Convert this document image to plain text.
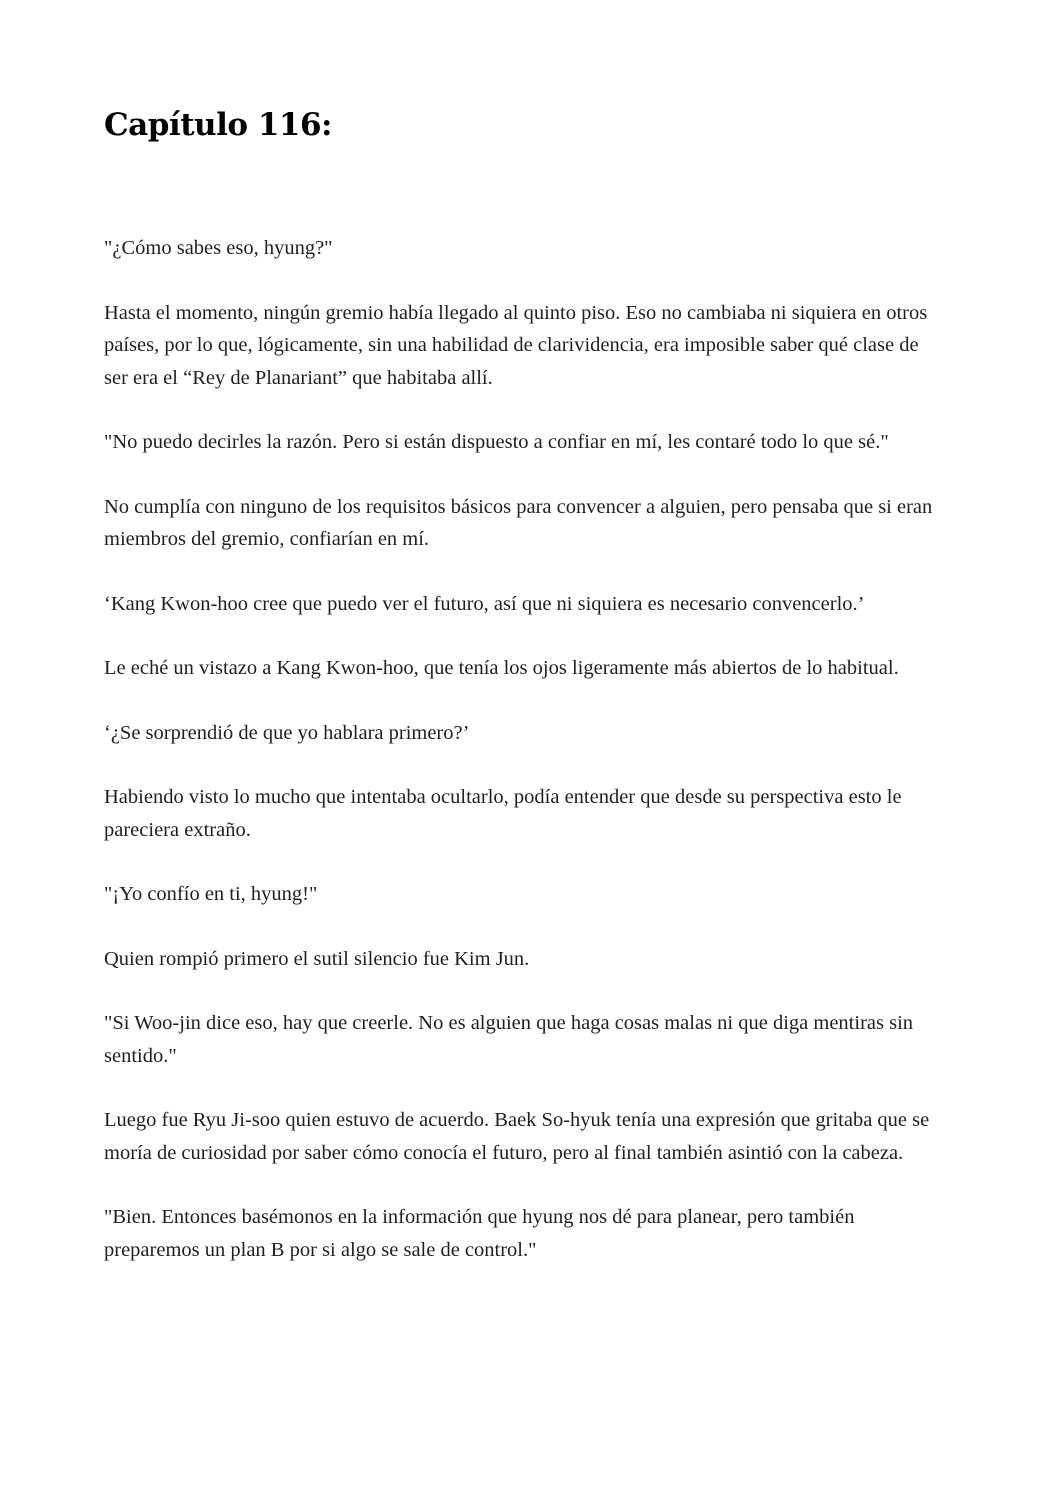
Capítulo 116:

"¿Cómo sabes eso, hyung?"

Hasta el momento, ningún gremio había llegado al quinto piso. Eso no cambiaba ni siquiera en otros países, por lo que, lógicamente, sin una habilidad de clarividencia, era imposible saber qué clase de ser era el “Rey de Planariant” que habitaba allí.

"No puedo decirles la razón. Pero si están dispuesto a confiar en mí, les contaré todo lo que sé."

No cumplía con ninguno de los requisitos básicos para convencer a alguien, pero pensaba que si eran miembros del gremio, confiarían en mí.

‘Kang Kwon-hoo cree que puedo ver el futuro, así que ni siquiera es necesario convencerlo.’

Le eché un vistazo a Kang Kwon-hoo, que tenía los ojos ligeramente más abiertos de lo habitual.

‘¿Se sorprendió de que yo hablara primero?’

Habiendo visto lo mucho que intentaba ocultarlo, podía entender que desde su perspectiva esto le pareciera extraño.

"¡Yo confío en ti, hyung!"

Quien rompió primero el sutil silencio fue Kim Jun.

"Si Woo-jin dice eso, hay que creerle. No es alguien que haga cosas malas ni que diga mentiras sin sentido."

Luego fue Ryu Ji-soo quien estuvo de acuerdo. Baek So-hyuk tenía una expresión que gritaba que se moría de curiosidad por saber cómo conocía el futuro, pero al final también asintió con la cabeza.

"Bien. Entonces basémonos en la información que hyung nos dé para planear, pero también preparemos un plan B por si algo se sale de control."
